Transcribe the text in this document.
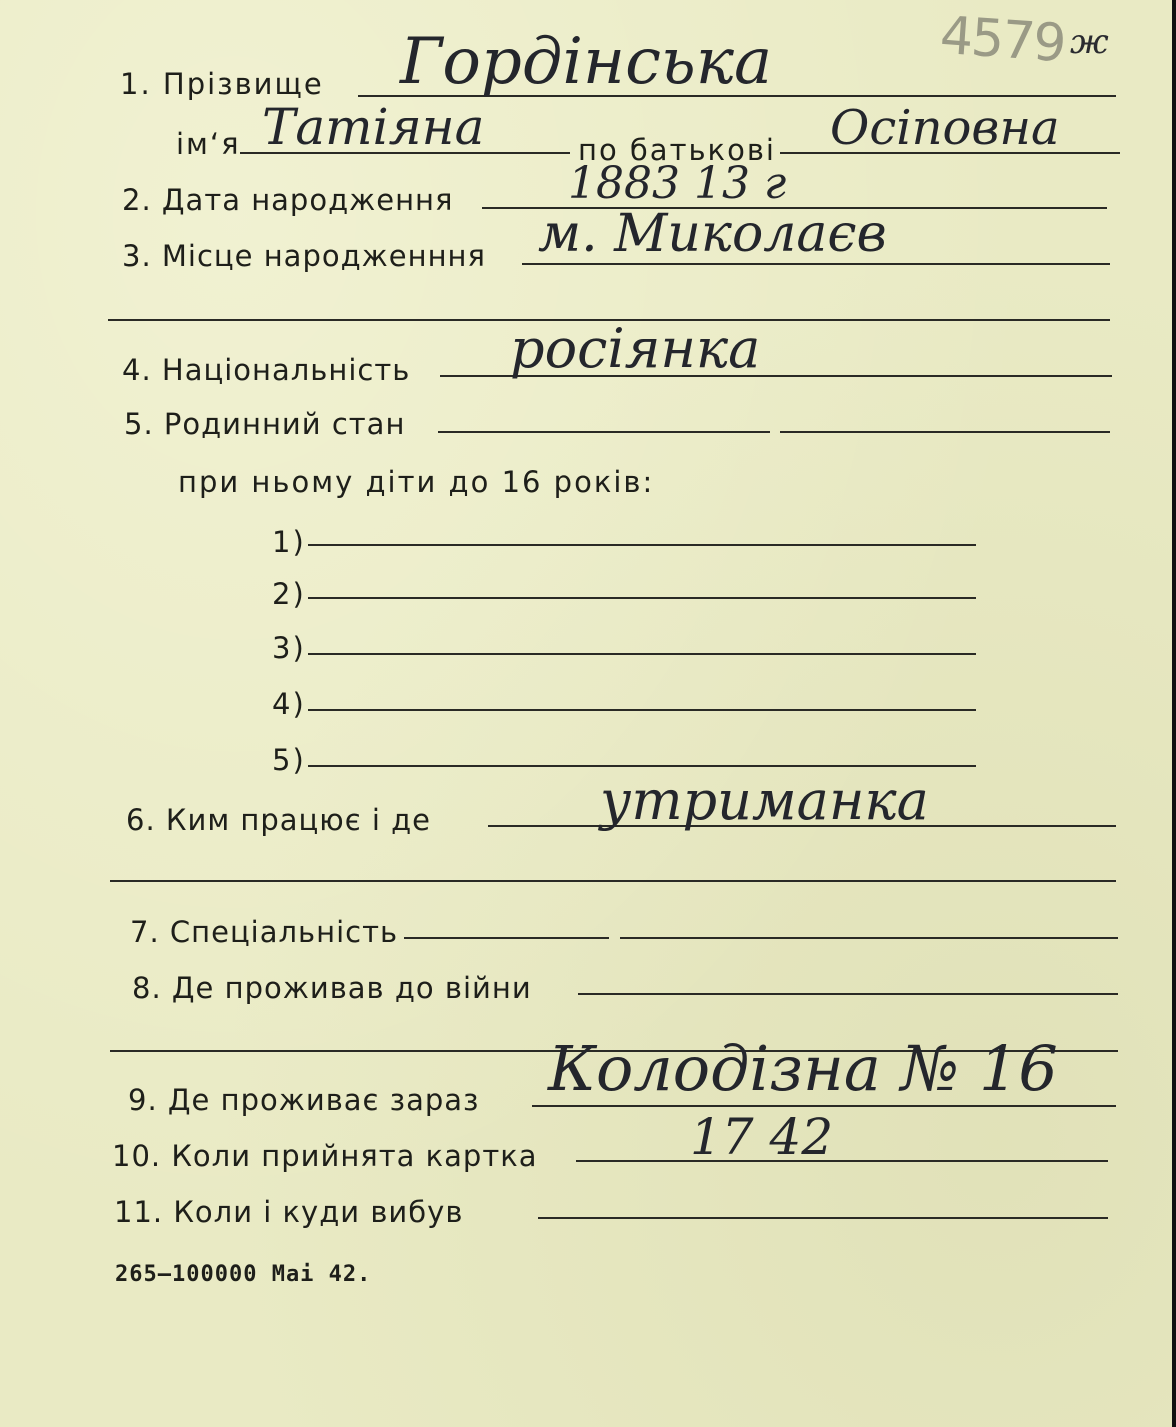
4579 ж
1. Прізвище Гордінська
ім‘я Татіяна	по батькові Осіповна
2. Дата народження	1883 13 г
3. Місце народженння м. Миколаєв
4. Національність росіянка
5. Родинний стан
при ньому діти до 16 років:
1)
2)
3)
4)
5)
6. Ким працює і де	утриманка
7. Спеціальність
8. Де проживав до війни
9. Де проживає зараз Колодізна № 16
10. Коли прийнята картка	17 42
11. Коли і куди вибув
265—100000 Mai 42.
